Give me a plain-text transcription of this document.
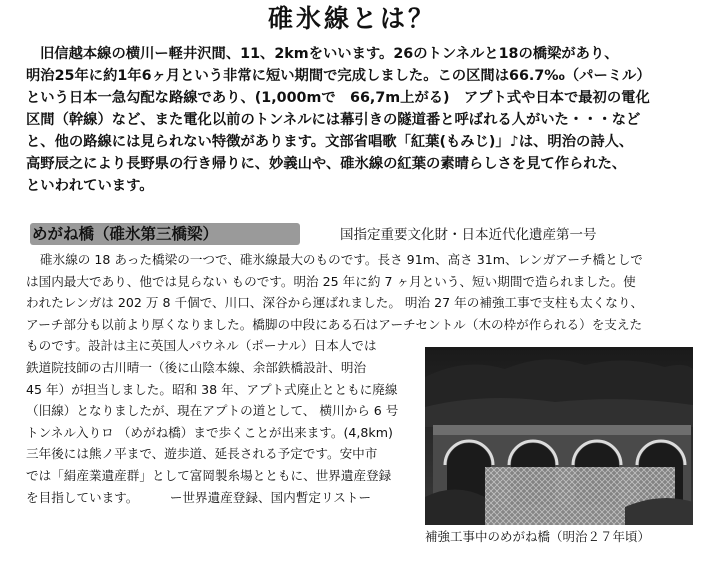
碓氷線とは？
旧信越本線の横川ー軽井沢間、11、2kmをいいます。26のトンネルと18の橋梁があり、
明治25年に約1年6ヶ月という非常に短い期間で完成しました。この区間は66.7‰（パーミル）
という日本一急勾配な路線であり、(1,000mで　66,7m上がる)　アプト式や日本で最初の電化
区間（幹線）など、また電化以前のトンネルには幕引きの隧道番と呼ばれる人がいた・・・など
と、他の路線には見られない特徴があります。文部省唱歌「紅葉(もみじ)」♪は、明治の詩人、
高野辰之により長野県の行き帰りに、妙義山や、碓氷線の紅葉の素晴らしさを見て作られた、
といわれています。
めがね橋（碓氷第三橋梁）	国指定重要文化財・日本近代化遺産第一号
碓氷線の 18 あった橋梁の一つで、碓氷線最大のものです。長さ 91m、高さ 31m、レンガアーチ橋としで
は国内最大であり、他では見らない ものです。明治 25 年に約 7 ヶ月という、短い期間で造られました。使
われたレンガは 202 万 8 千個で、川口、深谷から運ばれました。 明治 27 年の補強工事で支柱も太くなり、
アーチ部分も以前より厚くなりました。橋脚の中段にある石はアーチセントル（木の枠が作られる）を支えた
ものです。設計は主に英国人パウネル（ポーナル）日本人では
鉄道院技師の古川晴一（後に山陰本線、余部鉄橋設計、明治
45 年）が担当しました。昭和 38 年、アプト式廃止とともに廃線
（旧線）となりましたが、現在アプトの道として、 横川から 6 号
トンネル入りロ （めがね橋）まで歩くことが出来ます。(4,8km)
三年後には熊ノ平まで、遊歩道、延長される予定です。安中市
では「絹産業遺産群」として富岡製糸場とともに、世界遺産登録
を目指しています。　　　ー世界遺産登録、国内暫定リストー
補強工事中のめがね橋（明治２７年頃）
